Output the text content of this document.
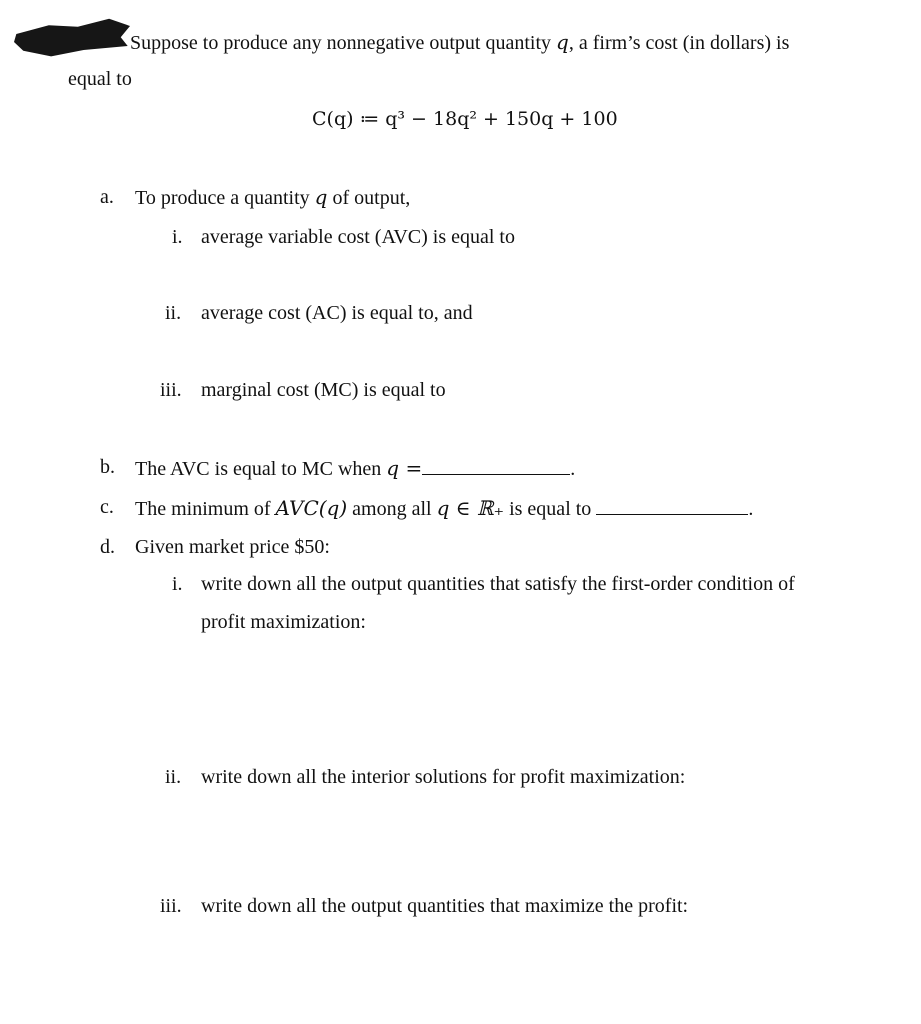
Suppose to produce any nonnegative output quantity q, a firm’s cost (in dollars) is
equal to
C(q) ≔ q³ − 18q² + 150q + 100
a. To produce a quantity q of output,
i. average variable cost (AVC) is equal to
ii. average cost (AC) is equal to, and
iii. marginal cost (MC) is equal to
b. The AVC is equal to MC when q =	.
c. The minimum of AVC(q) among all q ∈ ℝ₊ is equal to	.
d. Given market price $50:
i. write down all the output quantities that satisfy the first-order condition of
profit maximization:
ii. write down all the interior solutions for profit maximization:
iii. write down all the output quantities that maximize the profit:
